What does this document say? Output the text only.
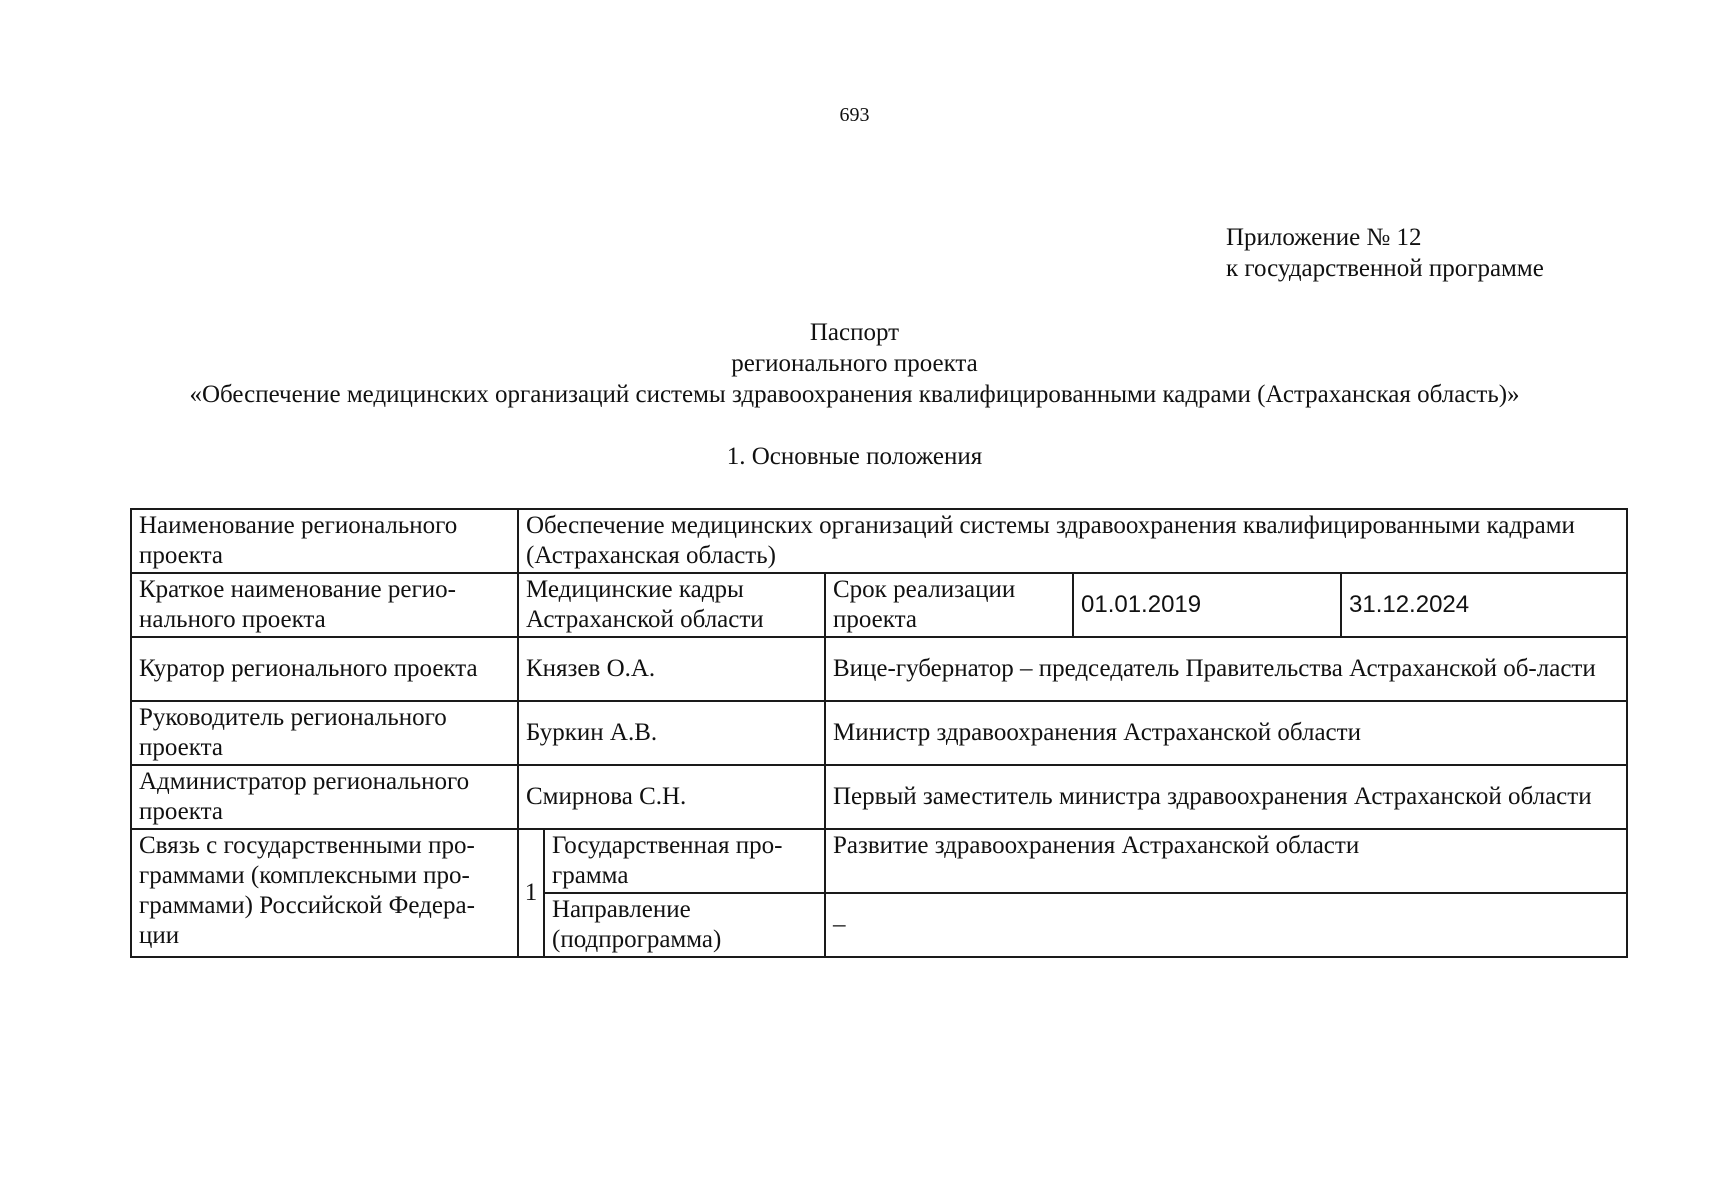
693
Приложение № 12
к государственной программе
Паспорт
регионального проекта
«Обеспечение медицинских организаций системы здравоохранения квалифицированными кадрами (Астраханская область)»
1. Основные положения
Наименование регионального проекта	Обеспечение медицинских организаций системы здравоохранения квалифицированными кадрами (Астраханская область)				
Краткое наименование регио-нального проекта	Медицинские кадры Астраханской области		Срок реализации проекта	01.01.2019	31.12.2024
Куратор регионального проекта	Князев О.А.		Вице-губернатор – председатель Правительства Астраханской об-ласти		
Руководитель регионального проекта	Буркин А.В.		Министр здравоохранения Астраханской области		
Администратор регионального проекта	Смирнова С.Н.		Первый заместитель министра здравоохранения Астраханской области		
Связь с государственными про-граммами (комплексными про-граммами) Российской Федера-ции	1	Государственная про-грамма	Развитие здравоохранения Астраханской области		
		Направление (подпрограмма)	–		
